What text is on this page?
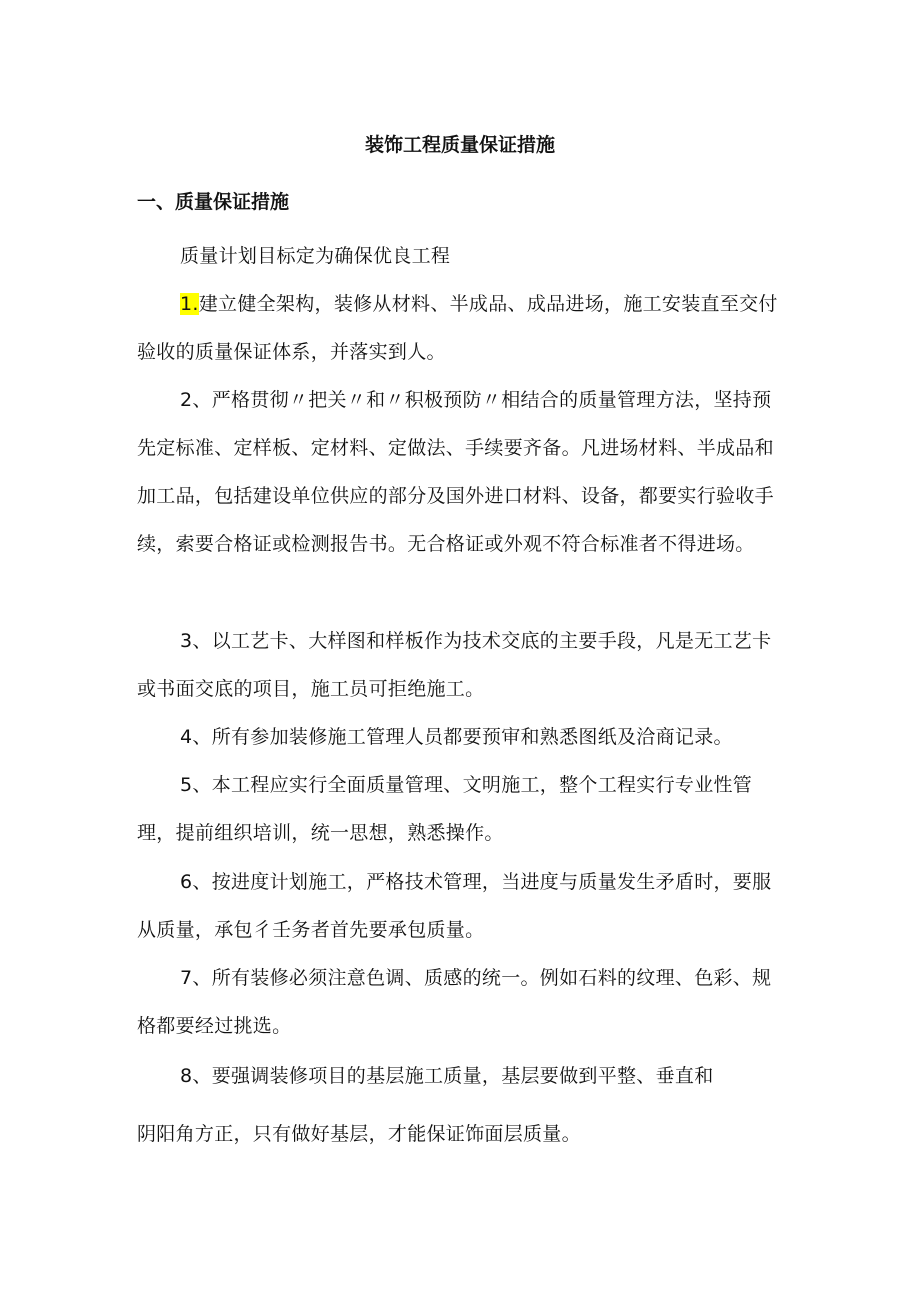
装饰工程质量保证措施
一、质量保证措施

质量计划目标定为确保优良工程

1.建立健全架构，装修从材料、半成品、成品进场，施工安装直至交付验收的质量保证体系，并落实到人。

2、严格贯彻〃把关〃和〃积极预防〃相结合的质量管理方法，坚持预先定标准、定样板、定材料、定做法、手续要齐备。凡进场材料、半成品和加工品，包括建设单位供应的部分及国外进口材料、设备，都要实行验收手续，索要合格证或检测报告书。无合格证或外观不符合标准者不得进场。

3、以工艺卡、大样图和样板作为技术交底的主要手段，凡是无工艺卡或书面交底的项目，施工员可拒绝施工。

4、所有参加装修施工管理人员都要预审和熟悉图纸及洽商记录。

5、本工程应实行全面质量管理、文明施工，整个工程实行专业性管理，提前组织培训，统一思想，熟悉操作。

6、按进度计划施工，严格技术管理，当进度与质量发生矛盾时，要服从质量，承包彳壬务者首先要承包质量。

7、所有装修必须注意色调、质感的统一。例如石料的纹理、色彩、规格都要经过挑选。

8、要强调装修项目的基层施工质量，基层要做到平整、垂直和

阴阳角方正，只有做好基层，才能保证饰面层质量。
